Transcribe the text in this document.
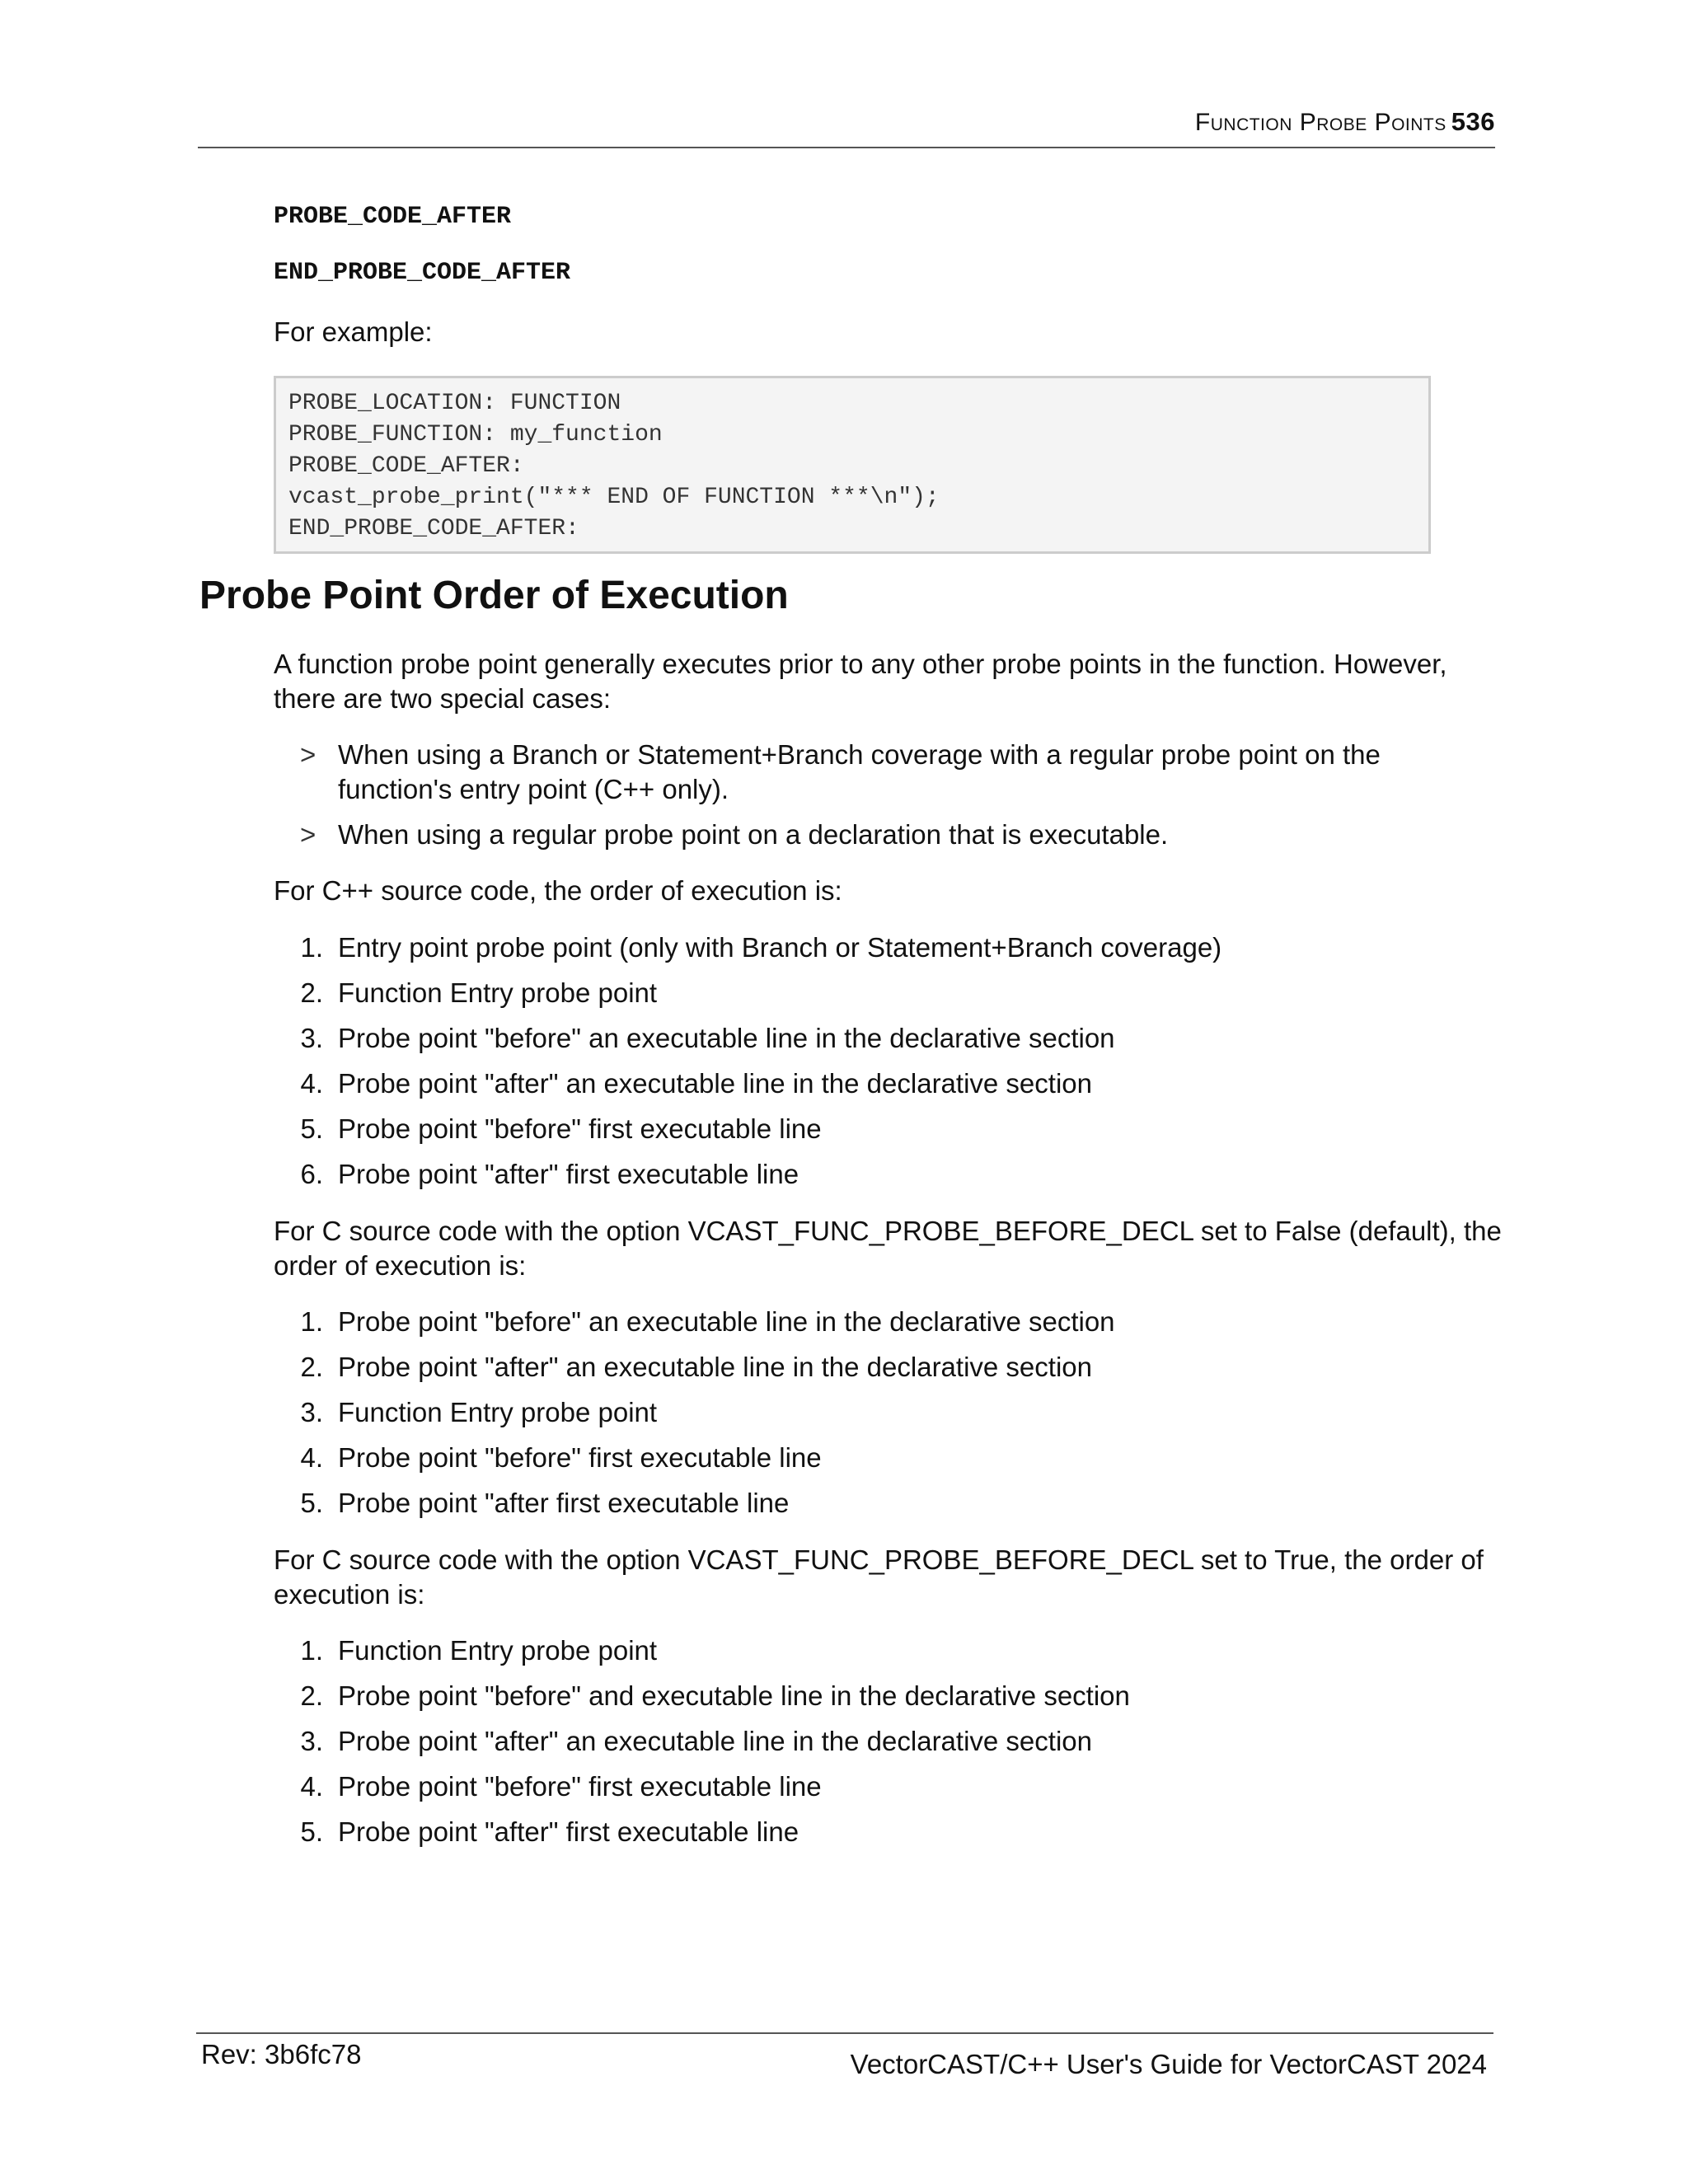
Function Probe Points 536
PROBE_CODE_AFTER
END_PROBE_CODE_AFTER
For example:
PROBE_LOCATION: FUNCTION
PROBE_FUNCTION: my_function
PROBE_CODE_AFTER:
vcast_probe_print("*** END OF FUNCTION ***\n");
END_PROBE_CODE_AFTER:
Probe Point Order of Execution
A function probe point generally executes prior to any other probe points in the function. However, there are two special cases:
> When using a Branch or Statement+Branch coverage with a regular probe point on the function's entry point (C++ only).
> When using a regular probe point on a declaration that is executable.
For C++ source code, the order of execution is:
1. Entry point probe point (only with Branch or Statement+Branch coverage)
2. Function Entry probe point
3. Probe point "before" an executable line in the declarative section
4. Probe point "after" an executable line in the declarative section
5. Probe point "before" first executable line
6. Probe point "after" first executable line
For C source code with the option VCAST_FUNC_PROBE_BEFORE_DECL set to False (default), the order of execution is:
1. Probe point "before" an executable line in the declarative section
2. Probe point "after" an executable line in the declarative section
3. Function Entry probe point
4. Probe point "before" first executable line
5. Probe point "after first executable line
For C source code with the option VCAST_FUNC_PROBE_BEFORE_DECL set to True, the order of execution is:
1. Function Entry probe point
2. Probe point "before" and executable line in the declarative section
3. Probe point "after" an executable line in the declarative section
4. Probe point "before" first executable line
5. Probe point "after" first executable line
Rev: 3b6fc78	VectorCAST/C++ User's Guide for VectorCAST 2024
